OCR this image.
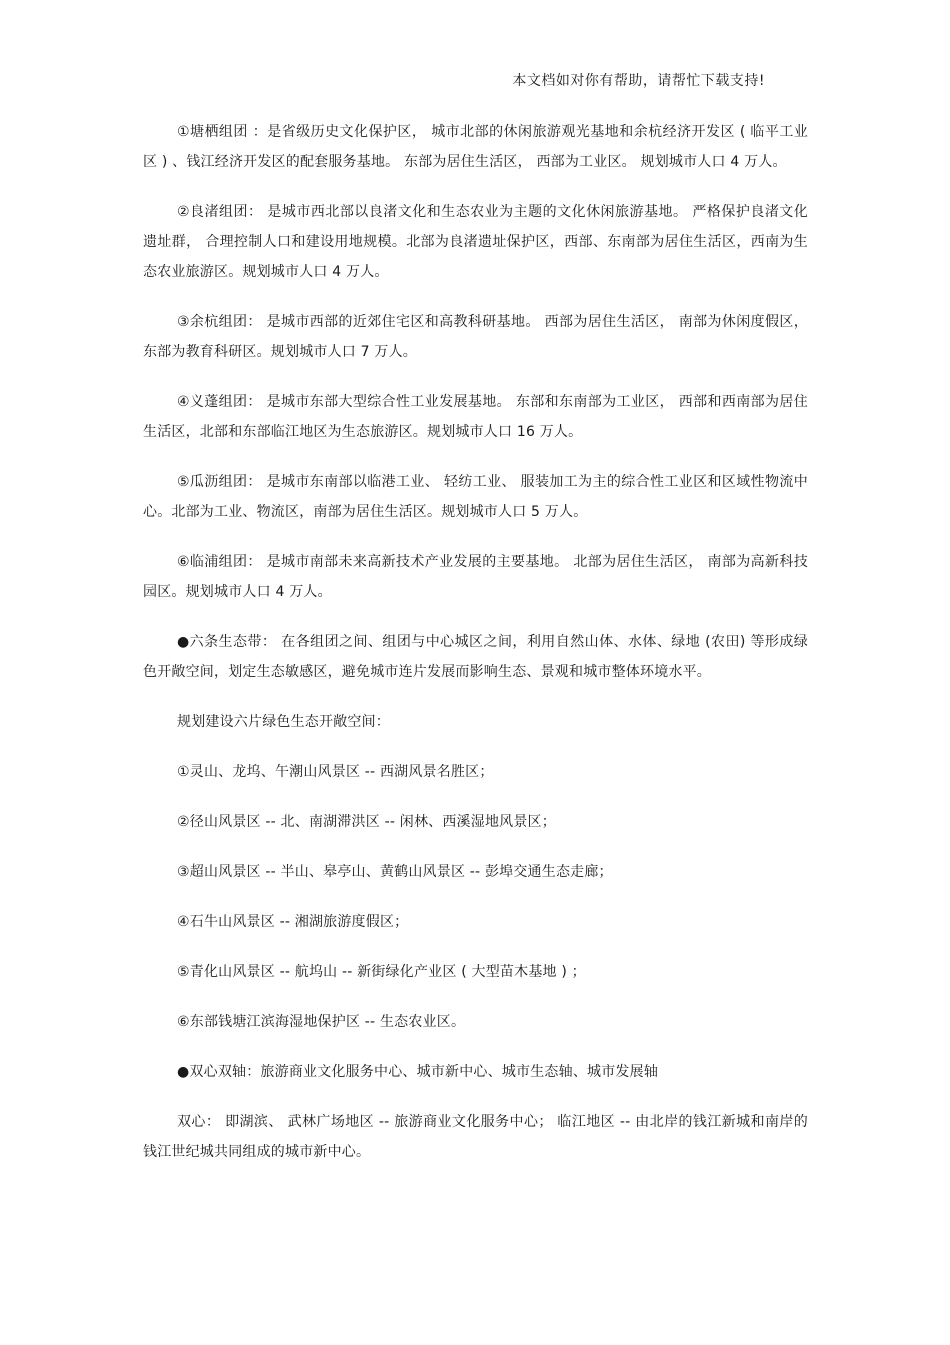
本文档如对你有帮助，请帮忙下载支持!

①塘栖组团 ：是省级历史文化保护区， 城市北部的休闲旅游观光基地和余杭经济开发区 ( 临平工业区 ) 、钱江经济开发区的配套服务基地。 东部为居住生活区， 西部为工业区。 规划城市人口 4 万人。

②良渚组团： 是城市西北部以良渚文化和生态农业为主题的文化休闲旅游基地。 严格保护良渚文化遗址群， 合理控制人口和建设用地规模。北部为良渚遗址保护区，西部、东南部为居住生活区，西南为生态农业旅游区。规划城市人口 4 万人。

③余杭组团： 是城市西部的近郊住宅区和高教科研基地。 西部为居住生活区， 南部为休闲度假区，东部为教育科研区。规划城市人口 7 万人。

④义蓬组团： 是城市东部大型综合性工业发展基地。 东部和东南部为工业区， 西部和西南部为居住生活区，北部和东部临江地区为生态旅游区。规划城市人口 16 万人。

⑤瓜沥组团： 是城市东南部以临港工业、 轻纺工业、 服装加工为主的综合性工业区和区域性物流中心。北部为工业、物流区，南部为居住生活区。规划城市人口 5 万人。

⑥临浦组团： 是城市南部未来高新技术产业发展的主要基地。 北部为居住生活区， 南部为高新科技园区。规划城市人口 4 万人。

●六条生态带： 在各组团之间、组团与中心城区之间，利用自然山体、水体、绿地 (农田) 等形成绿色开敞空间，划定生态敏感区，避免城市连片发展而影响生态、景观和城市整体环境水平。

规划建设六片绿色生态开敞空间：

①灵山、龙坞、午潮山风景区 -- 西湖风景名胜区；

②径山风景区 -- 北、南湖滞洪区 -- 闲林、西溪湿地风景区；

③超山风景区 -- 半山、皋亭山、黄鹤山风景区 -- 彭埠交通生态走廊；

④石牛山风景区 -- 湘湖旅游度假区；

⑤青化山风景区 -- 航坞山 -- 新街绿化产业区 ( 大型苗木基地 ) ；

⑥东部钱塘江滨海湿地保护区 -- 生态农业区。

●双心双轴：旅游商业文化服务中心、城市新中心、城市生态轴、城市发展轴

双心： 即湖滨、 武林广场地区 -- 旅游商业文化服务中心； 临江地区 -- 由北岸的钱江新城和南岸的钱江世纪城共同组成的城市新中心。
